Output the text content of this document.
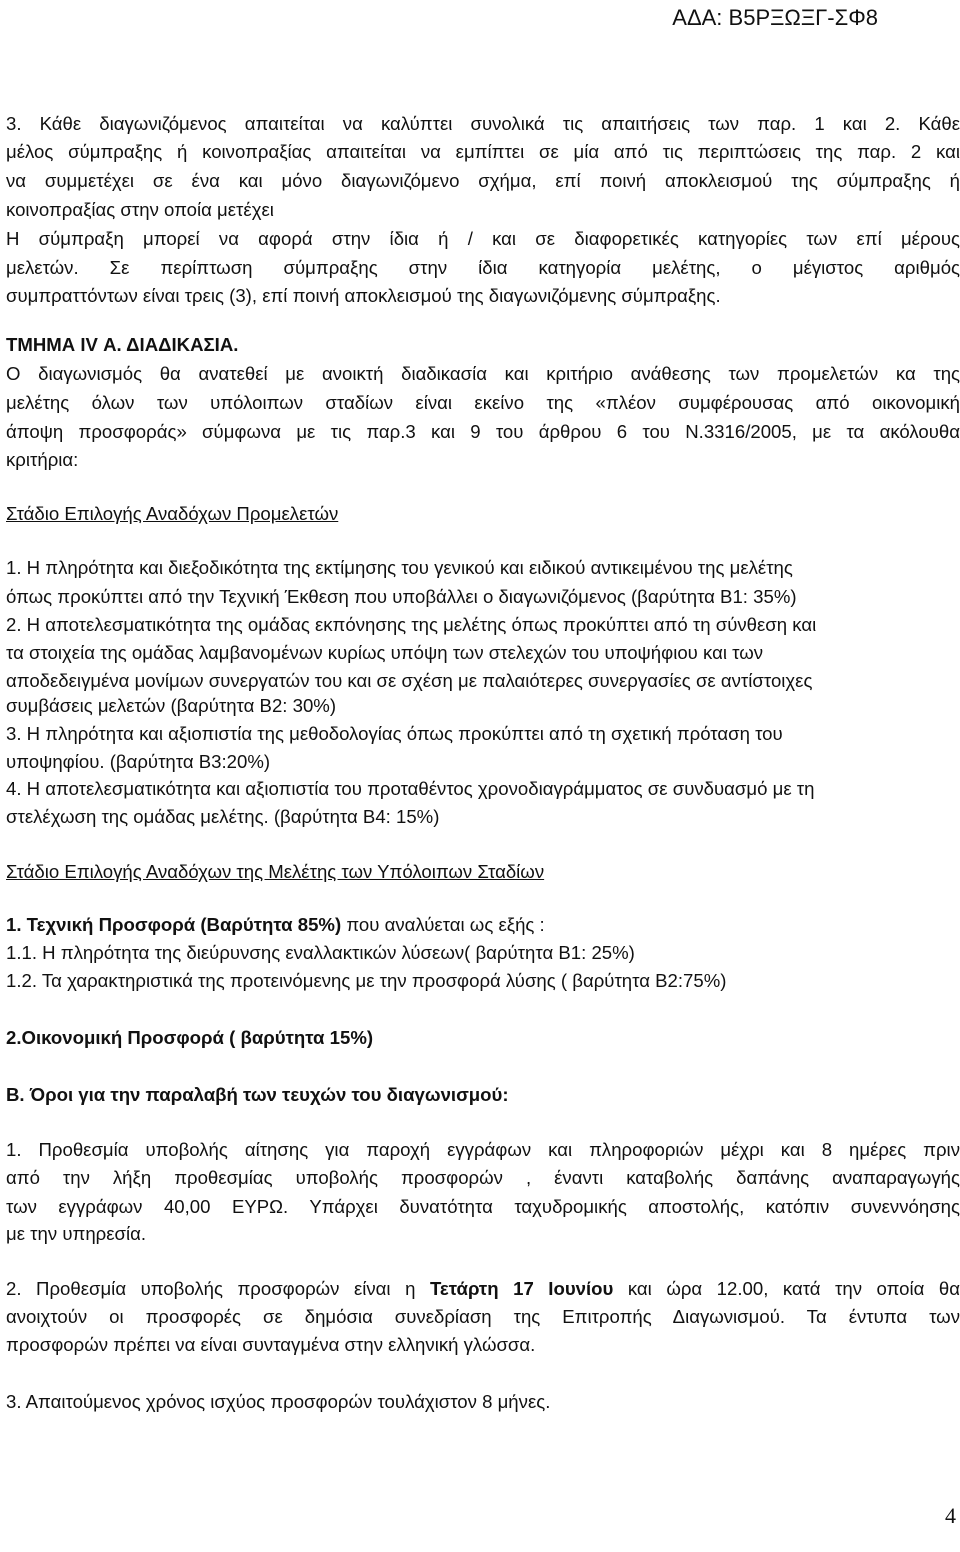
ΑΔΑ: Β5ΡΞΩΞΓ-ΣΦ8
3. Κάθε διαγωνιζόμενος απαιτείται να καλύπτει συνολικά τις απαιτήσεις των παρ. 1 και 2. Κάθε
μέλος σύμπραξης ή κοινοπραξίας απαιτείται να εμπίπτει σε μία από τις περιπτώσεις της παρ. 2 και
να συμμετέχει σε ένα και μόνο διαγωνιζόμενο σχήμα, επί ποινή αποκλεισμού της σύμπραξης ή
κοινοπραξίας στην οποία μετέχει
Η σύμπραξη μπορεί να αφορά στην ίδια ή / και σε διαφορετικές κατηγορίες των επί μέρους
μελετών. Σε περίπτωση σύμπραξης στην ίδια κατηγορία μελέτης, ο μέγιστος αριθμός
συμπραττόντων είναι τρεις (3), επί ποινή αποκλεισμού της διαγωνιζόμενης σύμπραξης.
ΤΜΗΜΑ IV Α. ΔΙΑΔΙΚΑΣΙΑ.
Ο διαγωνισμός θα ανατεθεί με ανοικτή διαδικασία και κριτήριο ανάθεσης των προμελετών κα της
μελέτης όλων των υπόλοιπων σταδίων είναι εκείνο της «πλέον συμφέρουσας από οικονομική
άποψη προσφοράς» σύμφωνα με τις παρ.3 και 9 του άρθρου 6 του Ν.3316/2005, με τα ακόλουθα
κριτήρια:
Στάδιο Επιλογής Αναδόχων Προμελετών
1. Η πληρότητα και διεξοδικότητα της εκτίμησης του γενικού και ειδικού αντικειμένου της μελέτης
όπως προκύπτει από την Τεχνική Έκθεση που υποβάλλει ο διαγωνιζόμενος (βαρύτητα Β1: 35%)
2. Η αποτελεσματικότητα της ομάδας εκπόνησης της μελέτης όπως προκύπτει από τη σύνθεση και
τα στοιχεία της ομάδας λαμβανομένων κυρίως υπόψη των στελεχών του υποψήφιου και των
αποδεδειγμένα μονίμων συνεργατών του και σε σχέση με παλαιότερες συνεργασίες σε αντίστοιχες
συμβάσεις μελετών (βαρύτητα Β2: 30%)
3. Η πληρότητα και αξιοπιστία της μεθοδολογίας όπως προκύπτει από τη σχετική πρόταση του
υποψηφίου. (βαρύτητα Β3:20%)
4. Η αποτελεσματικότητα και αξιοπιστία του προταθέντος χρονοδιαγράμματος σε συνδυασμό με τη
στελέχωση της ομάδας μελέτης. (βαρύτητα Β4: 15%)
Στάδιο Επιλογής Αναδόχων της Μελέτης των Υπόλοιπων Σταδίων
1. Τεχνική Προσφορά (Βαρύτητα 85%) που αναλύεται ως εξής :
1.1. Η πληρότητα της διεύρυνσης εναλλακτικών λύσεων( βαρύτητα Β1: 25%)
1.2. Τα χαρακτηριστικά της προτεινόμενης με την προσφορά λύσης ( βαρύτητα Β2:75%)
2.Οικονομική Προσφορά ( βαρύτητα 15%)
Β. Όροι για την παραλαβή των τευχών του διαγωνισμού:
1. Προθεσμία υποβολής αίτησης για παροχή εγγράφων και πληροφοριών μέχρι και 8 ημέρες πριν
από την λήξη προθεσμίας υποβολής προσφορών , έναντι καταβολής δαπάνης αναπαραγωγής
των εγγράφων 40,00 ΕΥΡΩ. Υπάρχει δυνατότητα ταχυδρομικής αποστολής, κατόπιν συνεννόησης
με την υπηρεσία.
2. Προθεσμία υποβολής προσφορών είναι η Τετάρτη 17 Ιουνίου και ώρα 12.00, κατά την οποία θα
ανοιχτούν οι προσφορές σε δημόσια συνεδρίαση της Επιτροπής Διαγωνισμού. Τα έντυπα των
προσφορών πρέπει να είναι συνταγμένα στην ελληνική γλώσσα.
3. Απαιτούμενος χρόνος ισχύος προσφορών τουλάχιστον 8 μήνες.
4
